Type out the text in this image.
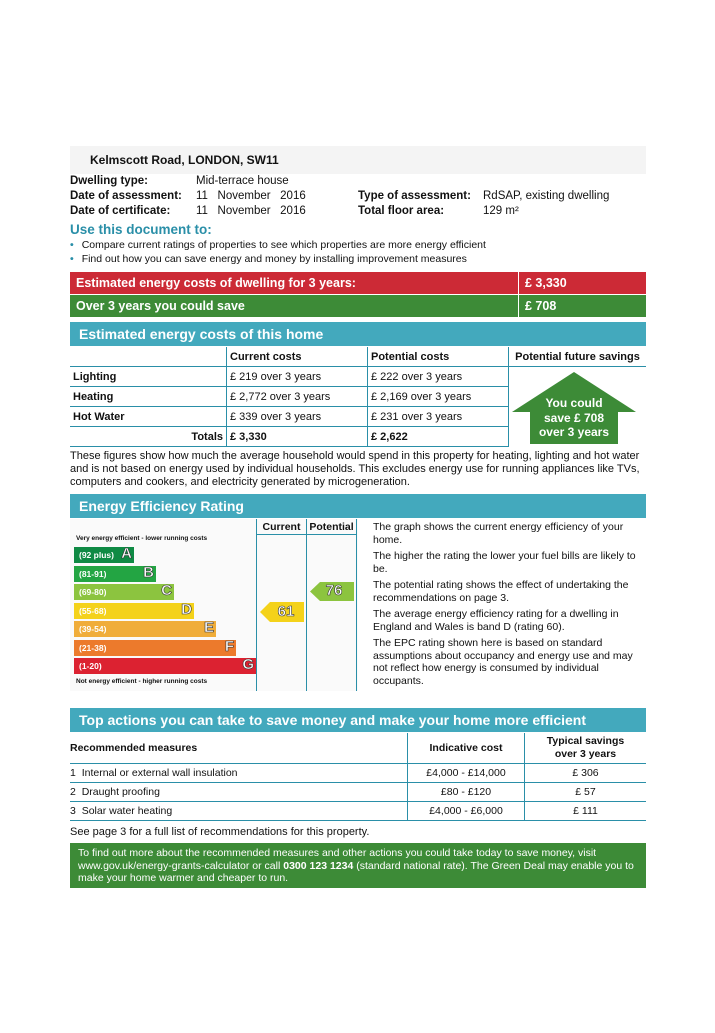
Kelmscott Road, LONDON, SW11
Dwelling type:	Mid-terrace house
Date of assessment: 11   November   2016
Date of certificate: 11   November   2016
Type of assessment: RdSAP, existing dwelling
Total floor area:	129 m²
Use this document to:
• Compare current ratings of properties to see which properties are more energy efficient
• Find out how you can save energy and money by installing improvement measures
Estimated energy costs of dwelling for 3 years:	£ 3,330
Over 3 years you could save	£ 708
Estimated energy costs of this home
	Current costs	Potential costs	Potential future savings
Lighting	£ 219 over 3 years	£ 222 over 3 years	
Heating	£ 2,772 over 3 years	£ 2,169 over 3 years	
Hot Water	£ 339 over 3 years	£ 231 over 3 years	
Totals	£ 3,330	£ 2,622	
You could
save £ 708
over 3 years
These figures show how much the average household would spend in this property for heating, lighting and hot water and is not based on energy used by individual households. This excludes energy use for running appliances like TVs, computers and cookers, and electricity generated by microgeneration.
Energy Efficiency Rating
Current Potential
Very energy efficient - lower running costs
(92 plus) A
(81-91) B
(69-80)	C
(55-68)	D
(39-54)	E
(21-38)	F
(1-20)	G
Not energy efficient - higher running costs
61
76
The graph shows the current energy efficiency of your home.
The higher the rating the lower your fuel bills are likely to be.
The potential rating shows the effect of undertaking the recommendations on page 3.
The average energy efficiency rating for a dwelling in England and Wales is band D (rating 60).
The EPC rating shown here is based on standard assumptions about occupancy and energy use and may not reflect how energy is consumed by individual occupants.
Top actions you can take to save money and make your home more efficient
Recommended measures	Indicative cost	Typical savings
over 3 years

1 Internal or external wall insulation	£4,000 - £14,000	£ 306
2 Draught proofing	£80 - £120	£ 57
3 Solar water heating	£4,000 - £6,000	£ 111
See page 3 for a full list of recommendations for this property.
To find out more about the recommended measures and other actions you could take today to save money, visit www.gov.uk/energy-grants-calculator or call 0300 123 1234 (standard national rate). The Green Deal may enable you to make your home warmer and cheaper to run.
